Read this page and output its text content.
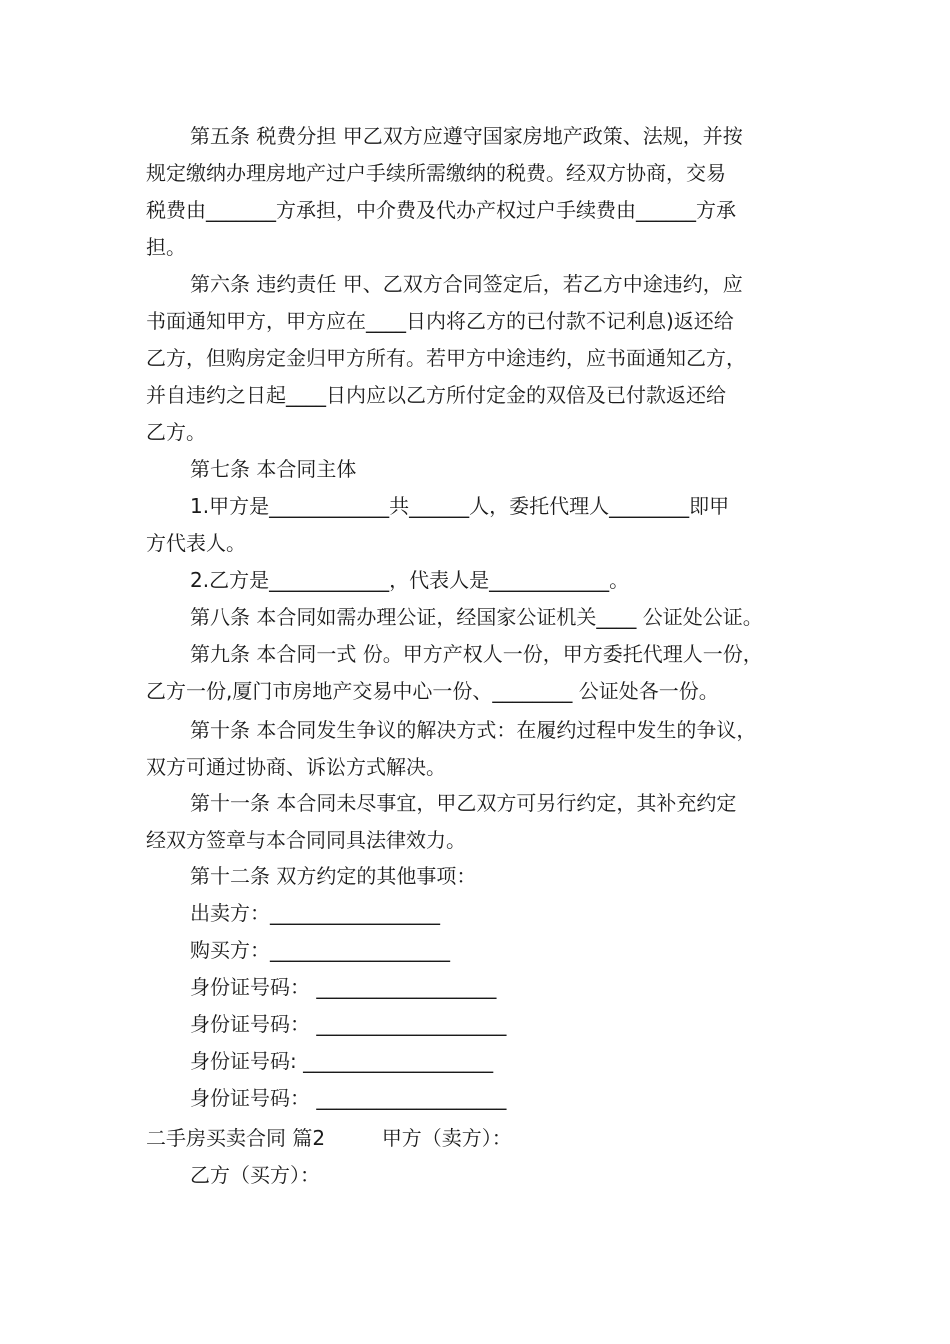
第五条 税费分担 甲乙双方应遵守国家房地产政策、法规，并按
规定缴纳办理房地产过户手续所需缴纳的税费。经双方协商，交易
税费由_______方承担，中介费及代办产权过户手续费由______方承
担。
第六条 违约责任 甲、乙双方合同签定后，若乙方中途违约，应
书面通知甲方，甲方应在____日内将乙方的已付款不记利息)返还给
乙方，但购房定金归甲方所有。若甲方中途违约，应书面通知乙方，
并自违约之日起____日内应以乙方所付定金的双倍及已付款返还给
乙方。
第七条 本合同主体
1.甲方是____________共______人，委托代理人________即甲
方代表人。
2.乙方是____________，代表人是____________。
第八条 本合同如需办理公证，经国家公证机关____ 公证处公证。
第九条 本合同一式 份。甲方产权人一份，甲方委托代理人一份，
乙方一份,厦门市房地产交易中心一份、________ 公证处各一份。
第十条 本合同发生争议的解决方式：在履约过程中发生的争议，
双方可通过协商、诉讼方式解决。
第十一条 本合同未尽事宜，甲乙双方可另行约定，其补充约定
经双方签章与本合同同具法律效力。
第十二条 双方约定的其他事项：
出卖方：_________________
购买方：__________________
身份证号码： __________________
身份证号码： ___________________
身份证号码: ___________________
身份证号码： ___________________
二手房买卖合同 篇2	甲方（卖方）：
乙方（买方）：
